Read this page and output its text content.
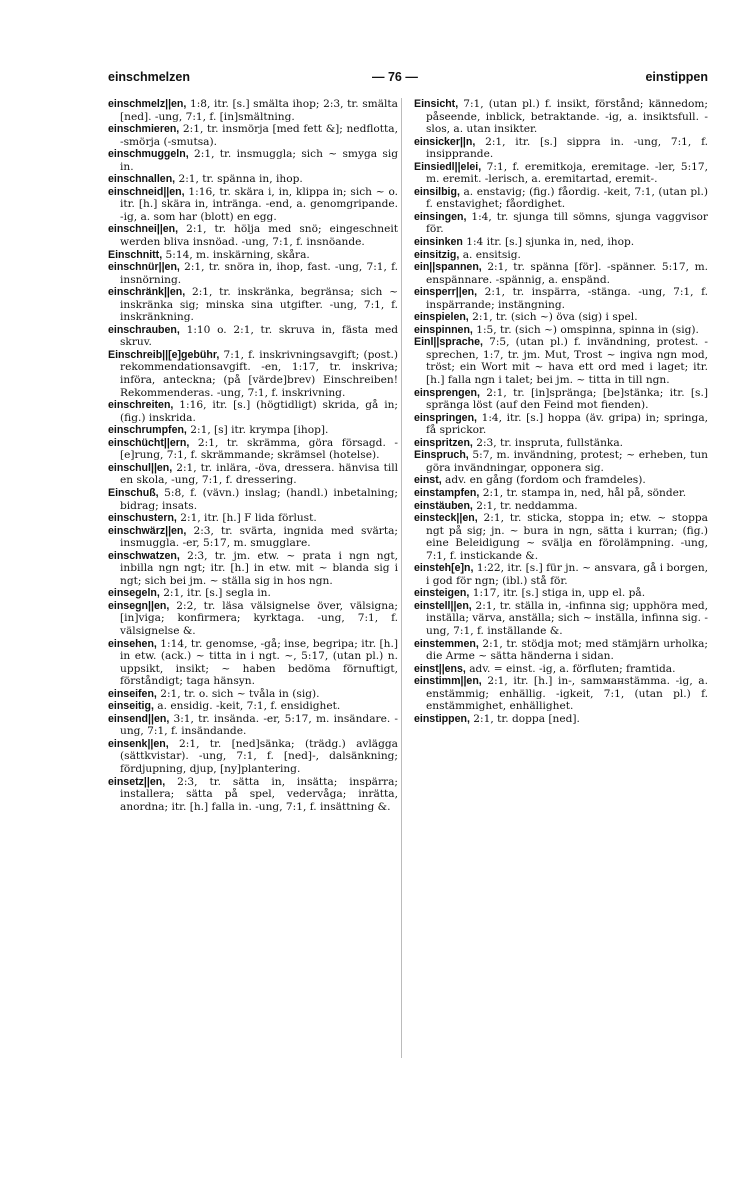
einschmelzen	— 76 —	einstippen

einschmelz||en, 1:8, itr. [s.] smälta ihop; 2:3, tr. smälta [ned]. -ung, 7:1, f. [in]smältning.

einschmieren, 2:1, tr. insmörja [med fett &]; nedflotta, -smörja (-smutsa).

einschmuggeln, 2:1, tr. insmuggla; sich ~ smyga sig in.

einschnallen, 2:1, tr. spänna in, ihop.

einschneid||en, 1:16, tr. skära i, in, klippa in; sich ~ o. itr. [h.] skära in, inträngа. -end, a. genomgripande. -ig, a. som har (blott) en egg.

einschnei||en, 2:1, tr. hölja med snö; eingeschneit werden bliva insnöad. -ung, 7:1, f. insnöande.

Einschnitt, 5:14, m. inskärning, skåra.

einschnür||en, 2:1, tr. snöra in, ihop, fast. -ung, 7:1, f. insnörning.

einschränk||en, 2:1, tr. inskränka, begränsa; sich ~ inskränka sig; minska sina utgifter. -ung, 7:1, f. inskränkning.

einschrauben, 1:10 o. 2:1, tr. skruva in, fästa med skruv.

Einschreib||[e]gebühr, 7:1, f. inskrivningsavgift; (post.) rekommendationsavgift. -en, 1:17, tr. inskriva; införa, anteckna; (på [värde]brev) Einschreiben! Rekommenderas. -ung, 7:1, f. inskrivning.

einschreiten, 1:16, itr. [s.] (högtidligt) skrida, gå in; (fig.) inskrida.

einschrumpfen, 2:1, [s] itr. krympa [ihop].

einschücht||ern, 2:1, tr. skrämma, göra försagd. -[e]rung, 7:1, f. skrämmande; skrämsel (hotelse).

einschul||en, 2:1, tr. inlära, -öva, dressera. hänvisa till en skola, -ung, 7:1, f. dressering.

Einschuß, 5:8, f. (vävn.) inslag; (handl.) inbetalning; bidrag; insats.

einschustern, 2:1, itr. [h.] F lida förlust.

einschwärz||en, 2:3, tr. svärta, ingnida med svärta; insmuggla. -er, 5:17, m. smugglare.

einschwatzen, 2:3, tr. jm. etw. ~ prata i ngn ngt, inbilla ngn ngt; itr. [h.] in etw. mit ~ blanda sig i ngt; sich bei jm. ~ ställa sig in hos ngn.

einsegeln, 2:1, itr. [s.] segla in.

einsegn||en, 2:2, tr. läsa välsignelse över, välsigna; [in]viga; konfirmera; kyrktaga. -ung, 7:1, f. välsignelse &.

einsehen, 1:14, tr. genomse, -gå; inse, begripa; itr. [h.] in etw. (ack.) ~ titta in i ngt. ~, 5:17, (utan pl.) n. uppsikt, insikt; ~ haben bedöma förnuftigt, förståndigt; taga hänsyn.

einseifen, 2:1, tr. o. sich ~ tvåla in (sig).

einseitig, a. ensidig. -keit, 7:1, f. ensidighet.

einsend||en, 3:1, tr. insända. -er, 5:17, m. insändare. -ung, 7:1, f. insändande.

einsenk||en, 2:1, tr. [ned]sänka; (trädg.) avlägga (sättkvistar). -ung, 7:1, f. [ned]-, dalsänkning; fördjupning, djup, [ny]plantering.

einsetz||en, 2:3, tr. sätta in, insätta; inspärra; installera; sätta på spel, vedervåga; inrätta, anordna; itr. [h.] falla in. -ung, 7:1, f. insättning &.

Einsicht, 7:1, (utan pl.) f. insikt, förstånd; kännedom; påseende, inblick, betraktande. -ig, a. insiktsfull. -slos, a. utan insikter.

einsicker||n, 2:1, itr. [s.] sippra in. -ung, 7:1, f. insipprande.

Einsiedl||elei, 7:1, f. eremitkoja, eremitage. -ler, 5:17, m. eremit. -lerisch, a. eremitartad, eremit-.

einsilbig, a. enstavig; (fig.) fåordig. -keit, 7:1, (utan pl.) f. enstavighet; fåordighet.

einsingen, 1:4, tr. sjunga till sömns, sjunga vaggvisor för.

einsinken 1:4 itr. [s.] sjunka in, ned, ihop.

einsitzig, a. ensitsig.

ein||spannen, 2:1, tr. spänna [för]. -spänner. 5:17, m. enspännare. -spännig, a. enspänd.

einsperr||en, 2:1, tr. inspärra, -stänga. -ung, 7:1, f. inspärrande; instängning.

einspielen, 2:1, tr. (sich ~) öva (sig) i spel.

einspinnen, 1:5, tr. (sich ~) omspinna, spinna in (sig).

Einl||sprache, 7:5, (utan pl.) f. invändning, protest. -sprechen, 1:7, tr. jm. Mut, Trost ~ ingiva ngn mod, tröst; ein Wort mit ~ hava ett ord med i laget; itr. [h.] falla ngn i talet; bei jm. ~ titta in till ngn.

einsprengen, 2:1, tr. [in]spränga; [be]stänka; itr. [s.] spränga löst (auf den Feind mot fienden).

einspringen, 1:4, itr. [s.] hoppa (äv. gripa) in; springa, få sprickor.

einspritzen, 2:3, tr. inspruta, fullstänka.

Einspruch, 5:7, m. invändning, protest; ~ erheben, tun göra invändningar, opponera sig.

einst, adv. en gång (fordom och framdeles).

einstampfen, 2:1, tr. stampa in, ned, hål på, sönder.

einstäuben, 2:1, tr. neddamma.

einsteck||en, 2:1, tr. sticka, stoppa in; etw. ~ stoppa ngt på sig; jn. ~ bura in ngn, sätta i kurran; (fig.) eine Beleidigung ~ svälja en förolämpning. -ung, 7:1, f. instickande &.

einsteh[e]n, 1:22, itr. [s.] für jn. ~ ansvara, gå i borgen, i god för ngn; (ibl.) stå för.

einsteigen, 1:17, itr. [s.] stiga in, upp el. på.

einstell||en, 2:1, tr. ställa in, -infinna sig; upphöra med, inställa; värva, anställa; sich ~ inställa, infinna sig. -ung, 7:1, f. inställande &.

einstemmen, 2:1, tr. stödja mot; med stämjärn urholka; die Arme ~ sätta händerna i sidan.

einst||ens, adv. = einst. -ig, a. förfluten; framtida.

einstimm||en, 2:1, itr. [h.] in-, samманstämma. -ig, a. enstämmig; enhällig. -igkeit, 7:1, (utan pl.) f. enstämmighet, enhällighet.

einstippen, 2:1, tr. doppa [ned].
